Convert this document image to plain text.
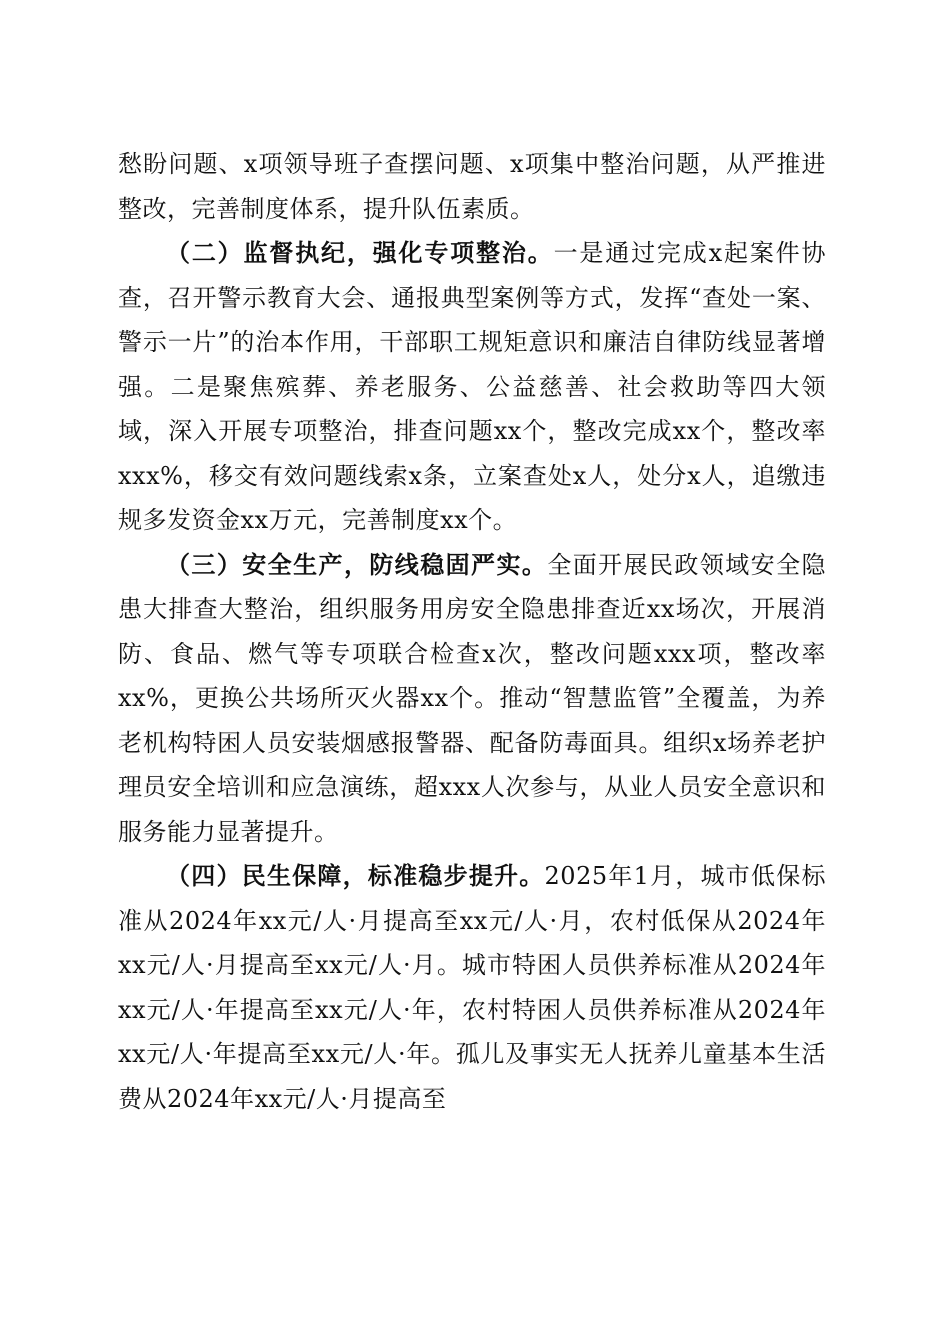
愁盼问题、x项领导班子查摆问题、x项集中整治问题，从严推进整改，完善制度体系，提升队伍素质。

（二）监督执纪，强化专项整治。一是通过完成x起案件协查，召开警示教育大会、通报典型案例等方式，发挥“查处一案、警示一片”的治本作用，干部职工规矩意识和廉洁自律防线显著增强。二是聚焦殡葬、养老服务、公益慈善、社会救助等四大领域，深入开展专项整治，排查问题xx个，整改完成xx个，整改率xxx%，移交有效问题线索x条，立案查处x人，处分x人，追缴违规多发资金xx万元，完善制度xx个。

（三）安全生产，防线稳固严实。全面开展民政领域安全隐患大排查大整治，组织服务用房安全隐患排查近xx场次，开展消防、食品、燃气等专项联合检查x次，整改问题xxx项，整改率xx%，更换公共场所灭火器xx个。推动“智慧监管”全覆盖，为养老机构特困人员安装烟感报警器、配备防毒面具。组织x场养老护理员安全培训和应急演练，超xxx人次参与，从业人员安全意识和服务能力显著提升。

（四）民生保障，标准稳步提升。2025年1月，城市低保标准从2024年xx元/人·月提高至xx元/人·月，农村低保从2024年xx元/人·月提高至xx元/人·月。城市特困人员供养标准从2024年xx元/人·年提高至xx元/人·年，农村特困人员供养标准从2024年xx元/人·年提高至xx元/人·年。孤儿及事实无人抚养儿童基本生活费从2024年xx元/人·月提高至
